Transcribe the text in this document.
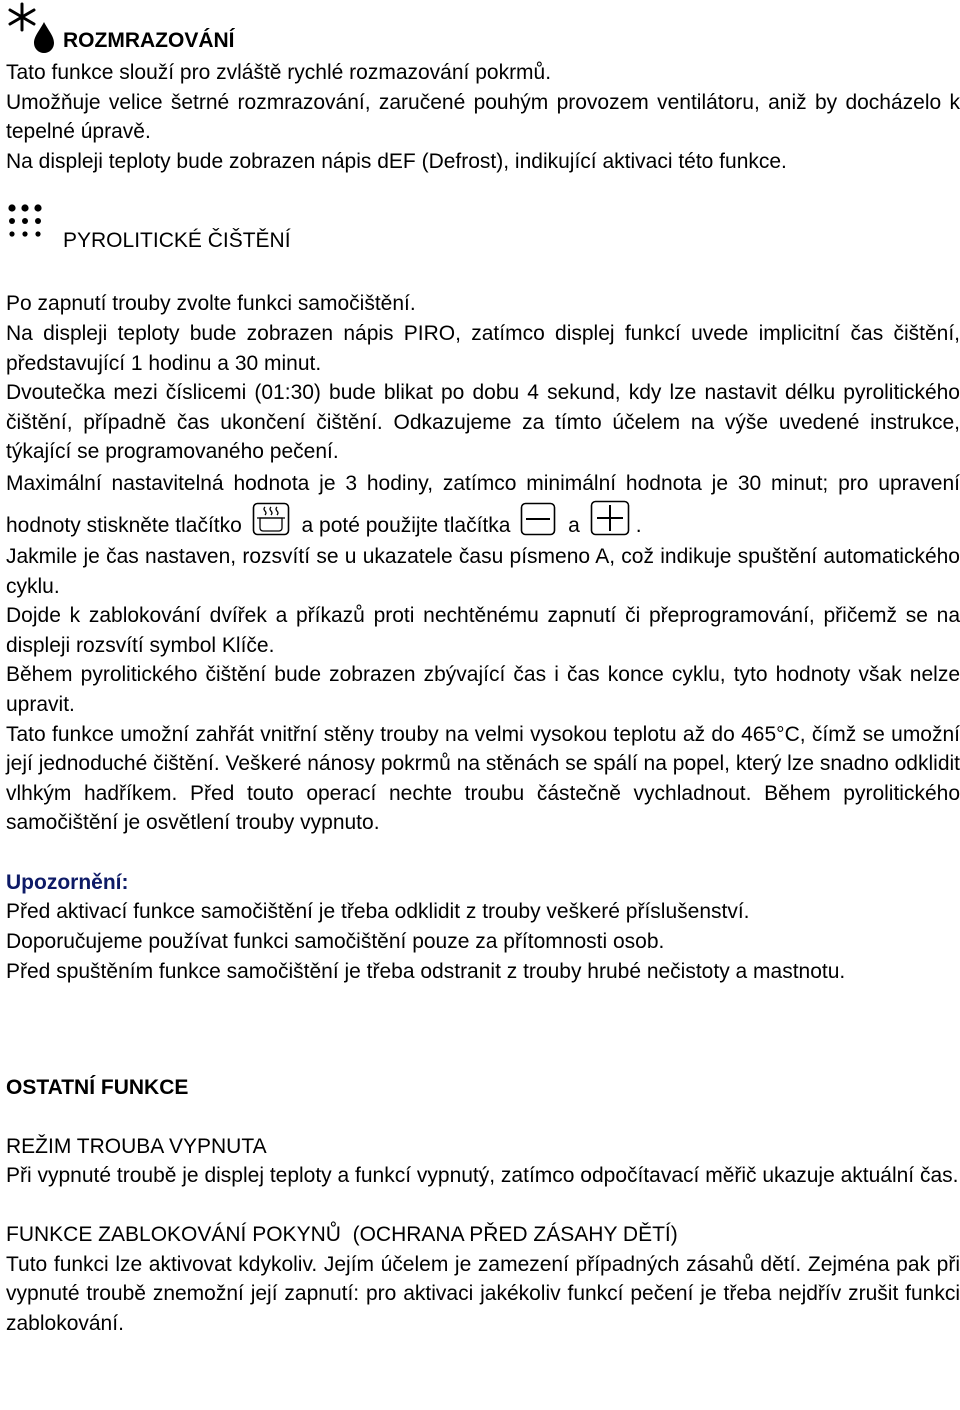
ROZMRAZOVÁNÍ

Tato funkce slouží pro zvláště rychlé rozmazování pokrmů.

Umožňuje velice šetrné rozmrazování, zaručené pouhým provozem ventilátoru, aniž by docházelo k tepelné úpravě.

Na displeji teploty bude zobrazen nápis dEF (Defrost), indikující aktivaci této funkce.

PYROLITICKÉ ČIŠTĚNÍ

Po zapnutí trouby zvolte funkci samočištění.

Na displeji teploty bude zobrazen nápis PIRO, zatímco displej funkcí uvede implicitní čas čištění, představující 1 hodinu a 30 minut.

Dvoutečka mezi číslicemi (01:30) bude blikat po dobu 4 sekund, kdy lze nastavit délku pyrolitického čištění, případně čas ukončení čištění. Odkazujeme za tímto účelem na výše uvedené instrukce, týkající se programovaného pečení.

Maximální nastavitelná hodnota je 3 hodiny, zatímco minimální hodnota je 30 minut; pro upravení hodnoty stiskněte tlačítko	a poté použijte tlačítka	a	.

Jakmile je čas nastaven, rozsvítí se u ukazatele času písmeno A, což indikuje spuštění automatického cyklu.

Dojde k zablokování dvířek a příkazů proti nechtěnému zapnutí či přeprogramování, přičemž se na displeji rozsvítí symbol Klíče.

Během pyrolitického čištění bude zobrazen zbývající čas i čas konce cyklu, tyto hodnoty však nelze upravit.

Tato funkce umožní zahřát vnitřní stěny trouby na velmi vysokou teplotu až do 465°C, čímž se umožní její jednoduché čištění. Veškeré nánosy pokrmů na stěnách se spálí na popel, který lze snadno odklidit vlhkým hadříkem. Před touto operací nechte troubu částečně vychladnout. Během pyrolitického samočištění je osvětlení trouby vypnuto.

Upozornění:

Před aktivací funkce samočištění je třeba odklidit z trouby veškeré příslušenství.

Doporučujeme používat funkci samočištění pouze za přítomnosti osob.

Před spuštěním funkce samočištění je třeba odstranit z trouby hrubé nečistoty a mastnotu.

OSTATNÍ FUNKCE

REŽIM TROUBA VYPNUTA

Při vypnuté troubě je displej teploty a funkcí vypnutý, zatímco odpočítavací měřič ukazuje aktuální čas.

FUNKCE ZABLOKOVÁNÍ POKYNŮ  (OCHRANA PŘED ZÁSAHY DĚTÍ)

Tuto funkci lze aktivovat kdykoliv. Jejím účelem je zamezení případných zásahů dětí. Zejména pak při vypnuté troubě znemožní její zapnutí: pro aktivaci jakékoliv funkcí pečení je třeba nejdřív zrušit funkci zablokování.
